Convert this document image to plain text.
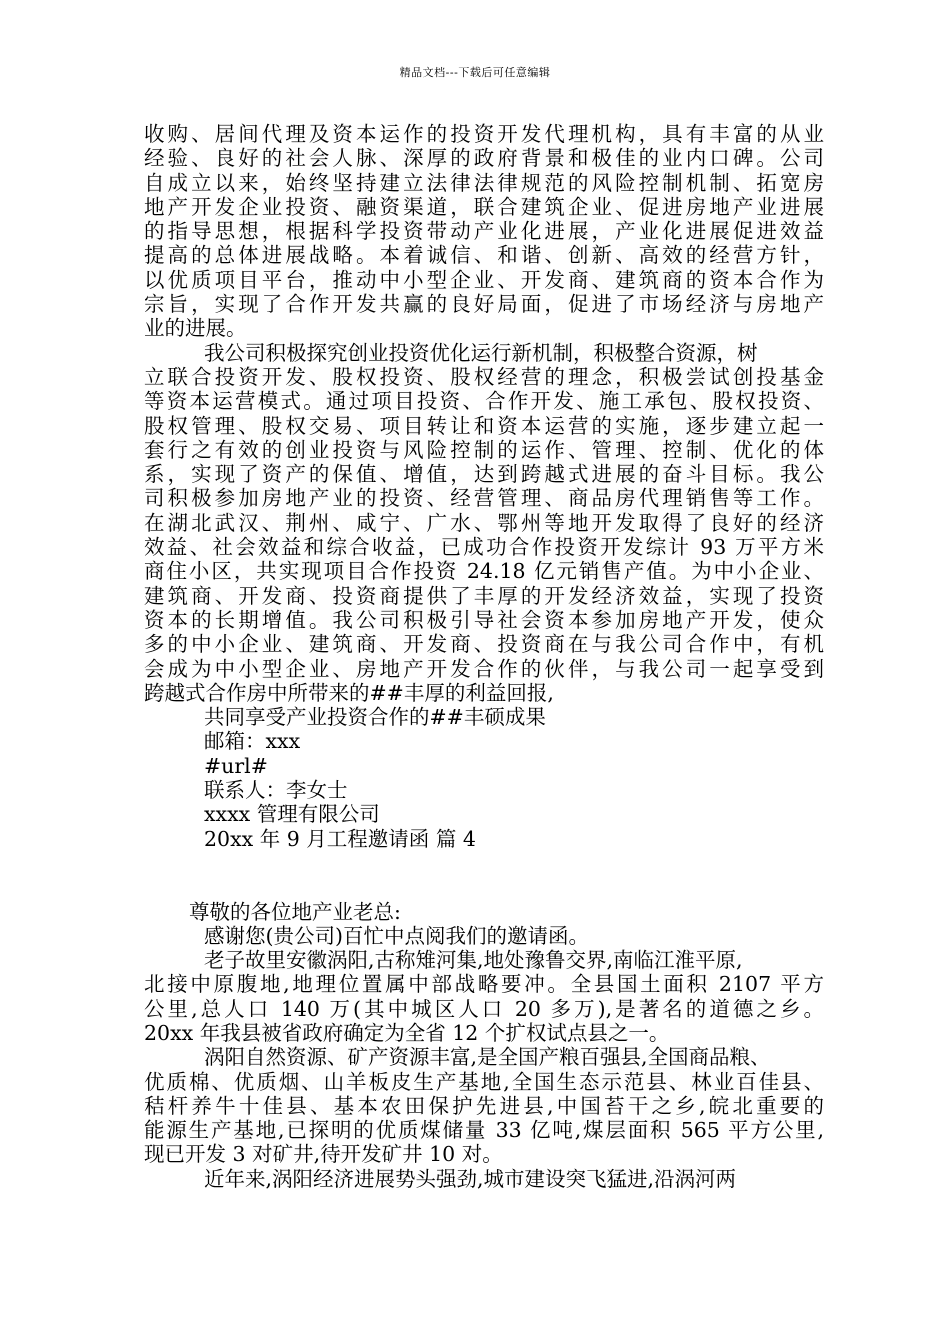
精品文档---下载后可任意编辑
收购、居间代理及资本运作的投资开发代理机构，具有丰富的从业
经验、良好的社会人脉、深厚的政府背景和极佳的业内口碑。公司
自成立以来，始终坚持建立法律法律规范的风险控制机制、拓宽房
地产开发企业投资、融资渠道，联合建筑企业、促进房地产业进展
的指导思想，根据科学投资带动产业化进展，产业化进展促进效益
提高的总体进展战略。本着诚信、和谐、创新、高效的经营方针，
以优质项目平台，推动中小型企业、开发商、建筑商的资本合作为
宗旨，实现了合作开发共赢的良好局面，促进了市场经济与房地产
业的进展。
我公司积极探究创业投资优化运行新机制，积极整合资源，树
立联合投资开发、股权投资、股权经营的理念，积极尝试创投基金
等资本运营模式。通过项目投资、合作开发、施工承包、股权投资、
股权管理、股权交易、项目转让和资本运营的实施，逐步建立起一
套行之有效的创业投资与风险控制的运作、管理、控制、优化的体
系，实现了资产的保值、增值，达到跨越式进展的奋斗目标。我公
司积极参加房地产业的投资、经营管理、商品房代理销售等工作。
在湖北武汉、荆州、咸宁、广水、鄂州等地开发取得了良好的经济
效益、社会效益和综合收益，已成功合作投资开发综计 93 万平方米
商住小区，共实现项目合作投资 24.18 亿元销售产值。为中小企业、
建筑商、开发商、投资商提供了丰厚的开发经济效益，实现了投资
资本的长期增值。我公司积极引导社会资本参加房地产开发，使众
多的中小企业、建筑商、开发商、投资商在与我公司合作中，有机
会成为中小型企业、房地产开发合作的伙伴，与我公司一起享受到
跨越式合作房中所带来的##丰厚的利益回报,
共同享受产业投资合作的##丰硕成果
邮箱：xxx
#url#
联系人：李女士
xxxx 管理有限公司
20xx 年 9 月工程邀请函 篇 4
尊敬的各位地产业老总:
感谢您(贵公司)百忙中点阅我们的邀请函。
老子故里安徽涡阳,古称雉河集,地处豫鲁交界,南临江淮平原,
北接中原腹地,地理位置属中部战略要冲。全县国土面积 2107 平方
公里,总人口 140 万(其中城区人口 20 多万),是著名的道德之乡。
20xx 年我县被省政府确定为全省 12 个扩权试点县之一。
涡阳自然资源、矿产资源丰富,是全国产粮百强县,全国商品粮、
优质棉、优质烟、山羊板皮生产基地,全国生态示范县、林业百佳县、
秸杆养牛十佳县、基本农田保护先进县,中国苔干之乡,皖北重要的
能源生产基地,已探明的优质煤储量 33 亿吨,煤层面积 565 平方公里,
现已开发 3 对矿井,待开发矿井 10 对。
近年来,涡阳经济进展势头强劲,城市建设突飞猛进,沿涡河两
